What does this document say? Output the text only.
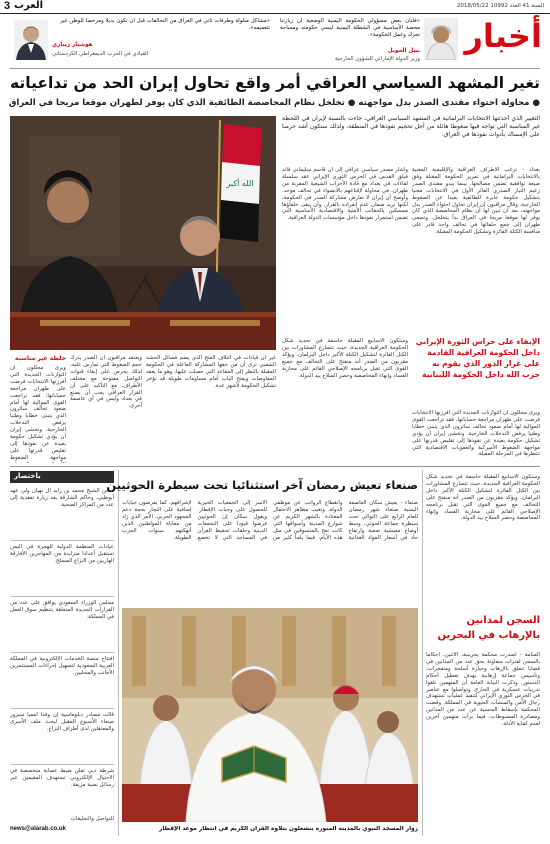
3 العرب	السنة 41 العدد 10992 2018/05/22
أخبار
«فلتان بعض مسؤولي الحكومة اليمنية الوضعية أن زيارتنا محضة الأساسية في الشطلة اليمنية ليسي حكومته ومساحة تحرك وعمل الحكومة».
نبيل الحويل
وزير الدولة الإماراتي للشؤون الخارجية
«مشاكل متلولة وطرفات تأتي في العراق من التحالفات قبل أن تكون بديلا ومرخصا للوطن غير تتعميمه».
هوشيار زيباري
القيادي في الحزب الديمقراطي الكردستاني
تغير المشهد السياسي العراقي أمر واقع تحاول إيران الحد من تداعياته
● محاولة احتواء مقتدى الصدر بدل مواجهته ● تخلخل نظام المحاصصة الطائفية الذي كان يوفر لطهران موقعا مريحا في العراق
التغيير الذي أحدثتها الانتخابات البرلمانية في المشهد السياسي العراقي، جاءت بالنسبة لإيران في اللحظة غير المناسبة التي تواجه فيها ضغوطا هائلة من أجل تحجيم نفوذها في المنطقة، ولذلك ستكون أشد حرصا على الإمساك بأدوات نفوذها في العراق.
بغداد - ترغب الأطراف العراقية والإقليمية المعنية بالانتخابات البرلمانية في تمرير الحكومة المقبلة وفق صيغة توافقية تضمن مصالحها، بينما يبدو مقتدى الصدر زعيم التيار الصدري الفائز الأول في الانتخابات معنيا بتشكيل حكومة عابرة للطائفية بعيدا عن الضغوط الخارجية. وقال مراقبون إن إيران تحاول احتواء الصدر بدل مواجهته، بعد أن تبين لها أن نظام المحاصصة الذي كان يوفر لها موقعا مريحا في العراق بدأ يتخلخل. وتسعى طهران إلى جمع حلفائها في تحالف واحد قادر على منافسة الكتلة الفائزة وتشكيل الحكومة المقبلة.
وأشار مصدر سياسي عراقي إلى أن قاسم سليماني قائد فيلق القدس في الحرس الثوري الإيراني عقد سلسلة لقاءات في بغداد مع قادة الأحزاب الشيعية المقربة من طهران، في محاولة لإقناعهم بالانضواء في تحالف موحد. وأوضح أن إيران لا تعارض مشاركة الصدر في الحكومة، لكنها تريد ضمان عدم انفراده بالقرار، وأن يبقى حلفاؤها ممسكين بالحقائب الأمنية والاقتصادية الأساسية التي تضمن استمرار نفوذها داخل مؤسسات الدولة العراقية.
الإبقاء على حراس الثورة الإيراني داخل الحكومة العراقية القادمة على غرار الدور الذي يقوم به حزب الله داخل الحكومة اللبنانية
ويرى محللون أن التوازنات الجديدة التي أفرزتها الانتخابات فرضت على طهران مراجعة حساباتها، فقد تراجعت القوى الموالية لها أمام صعود تحالف سائرون الذي يتبنى خطابا وطنيا يرفض التدخلات الخارجية. وتخشى إيران أن يؤدي تشكيل حكومة بعيدة عن نفوذها إلى تقليص قدرتها على مواجهة الضغوط الأميركية والعقوبات الاقتصادية التي تنتظرها في المرحلة المقبلة.
وستكون الأسابيع المقبلة حاسمة في تحديد شكل الحكومة العراقية الجديدة، حيث تتسارع المشاورات بين الكتل الفائزة لتشكيل الكتلة الأكبر داخل البرلمان. ويؤكد مقربون من الصدر أنه منفتح على التحالف مع جميع القوى التي تقبل برنامجه الإصلاحي القائم على محاربة الفساد وإنهاء المحاصصة وحصر السلاح بيد الدولة.
الله أكبر
غير أن قيادات في ائتلاف الفتح الذي يضم فصائل الحشد الشعبي ترى أن من حقها المشاركة الفاعلة في الحكومة المقبلة بالنظر إلى المقاعد التي حصلت عليها، وهو ما يعقد المفاوضات ويفتح الباب أمام مساومات طويلة قد تؤخر تشكيل الحكومة لأشهر عدة.
ويعتقد مراقبون أن الصدر يدرك حجم الضغوط التي تمارس عليه، لذلك يحرص على إبقاء قنوات التواصل مفتوحة مع مختلف الأطراف، مع التأكيد على أن القرار العراقي يجب أن يصنع في بغداد وليس في أي عاصمة أخرى.
خلطة غير مناسبة
ويرى محللون أن التوازنات الجديدة التي أفرزتها الانتخابات فرضت على طهران مراجعة حساباتها، فقد تراجعت القوى الموالية لها أمام صعود تحالف سائرون الذي يتبنى خطابا وطنيا يرفض التدخلات الخارجية. وتخشى إيران أن يؤدي تشكيل حكومة بعيدة عن نفوذها إلى تقليص قدرتها على مواجهة الضغوط
باختصار
سجن الشيخ محمد بن زايد آل نهيان ولي عهد أبوظبي، وحاكم الشارقة بعد زيارة تفقدية إلى عدد من المراكز الصحية.
عيادات المنظمة الدولية للهجرة في اليمن تستقبل أعدادا متزايدة من المهاجرين الأفارقة الهاربين من النزاع المسلح.
مجلس الوزراء السعودي يوافق على عدد من القرارات الجديدة المتعلقة بتنظيم سوق العمل في المملكة.
افتتاح منصة الخدمات الإلكترونية في المملكة العربية السعودية لتسهيل إجراءات المستثمرين الأجانب والمحليين.
قالت مصادر دبلوماسية إن وفدا أمميا سيزور صنعاء الأسبوع المقبل لبحث ملف الأسرى والمعتقلين لدى أطراف النزاع.
شرطة دبي تعلن ضبط عصابة متخصصة في الاحتيال الإلكتروني تستهدف المقيمين عبر رسائل نصية مزيفة.
للتواصل والتعليقات
news@alarab.co.uk
صنعاء تعيش رمضان آخر استثنائيا تحت سيطرة الحوثيين
صنعاء - يعيش سكان العاصمة اليمنية صنعاء شهر رمضان للعام الرابع على التوالي تحت سيطرة جماعة الحوثي، وسط أوضاع معيشية صعبة وارتفاع حاد في أسعار المواد الغذائية وانقطاع الرواتب عن موظفي الدولة. وتغيب مظاهر الاحتفال المعتادة بالشهر الكريم عن شوارع المدينة وأسواقها التي كانت تعج بالمتسوقين في مثل هذه الأيام، فيما يلجأ كثير من الأسر إلى الجمعيات الخيرية للحصول على وجبات الإفطار. ويقول سكان إن الحوثيين فرضوا قيودا على التجمعات الدينية وحلقات تحفيظ القرآن في المساجد التي لا تخضع لإشرافهم، كما يفرضون جبايات إضافية على التجار بحجة دعم المجهود الحربي، الأمر الذي زاد من معاناة المواطنين الذين أنهكتهم سنوات الحرب الطويلة.
زوار المسجد النبوي بالمدينة المنورة ينشغلون بتلاوة القرآن الكريم في انتظار موعد الإفطار
السجن لمدانين بالإرهاب في البحرين
المنامة - أصدرت محكمة بحرينية، الاثنين، أحكاما بالسجن لفترات متفاوتة بحق عدد من المدانين في قضايا تتعلق بالإرهاب وحيازة أسلحة ومتفجرات، وتأسيس جماعة إرهابية بهدف تعطيل أحكام الدستور. وذكرت النيابة العامة أن المتهمين تلقوا تدريبات عسكرية في الخارج، وتواصلوا مع عناصر في الحرس الثوري الإيراني لتنفيذ عمليات تستهدف رجال الأمن والمنشآت الحيوية في المملكة. وقضت المحكمة بإسقاط الجنسية عن عدد من المدانين ومصادرة المضبوطات، فيما برأت متهمين آخرين لعدم كفاية الأدلة.
وستكون الأسابيع المقبلة حاسمة في تحديد شكل الحكومة العراقية الجديدة، حيث تتسارع المشاورات بين الكتل الفائزة لتشكيل الكتلة الأكبر داخل البرلمان. ويؤكد مقربون من الصدر أنه منفتح على التحالف مع جميع القوى التي تقبل برنامجه الإصلاحي القائم على محاربة الفساد وإنهاء المحاصصة وحصر السلاح بيد الدولة.
